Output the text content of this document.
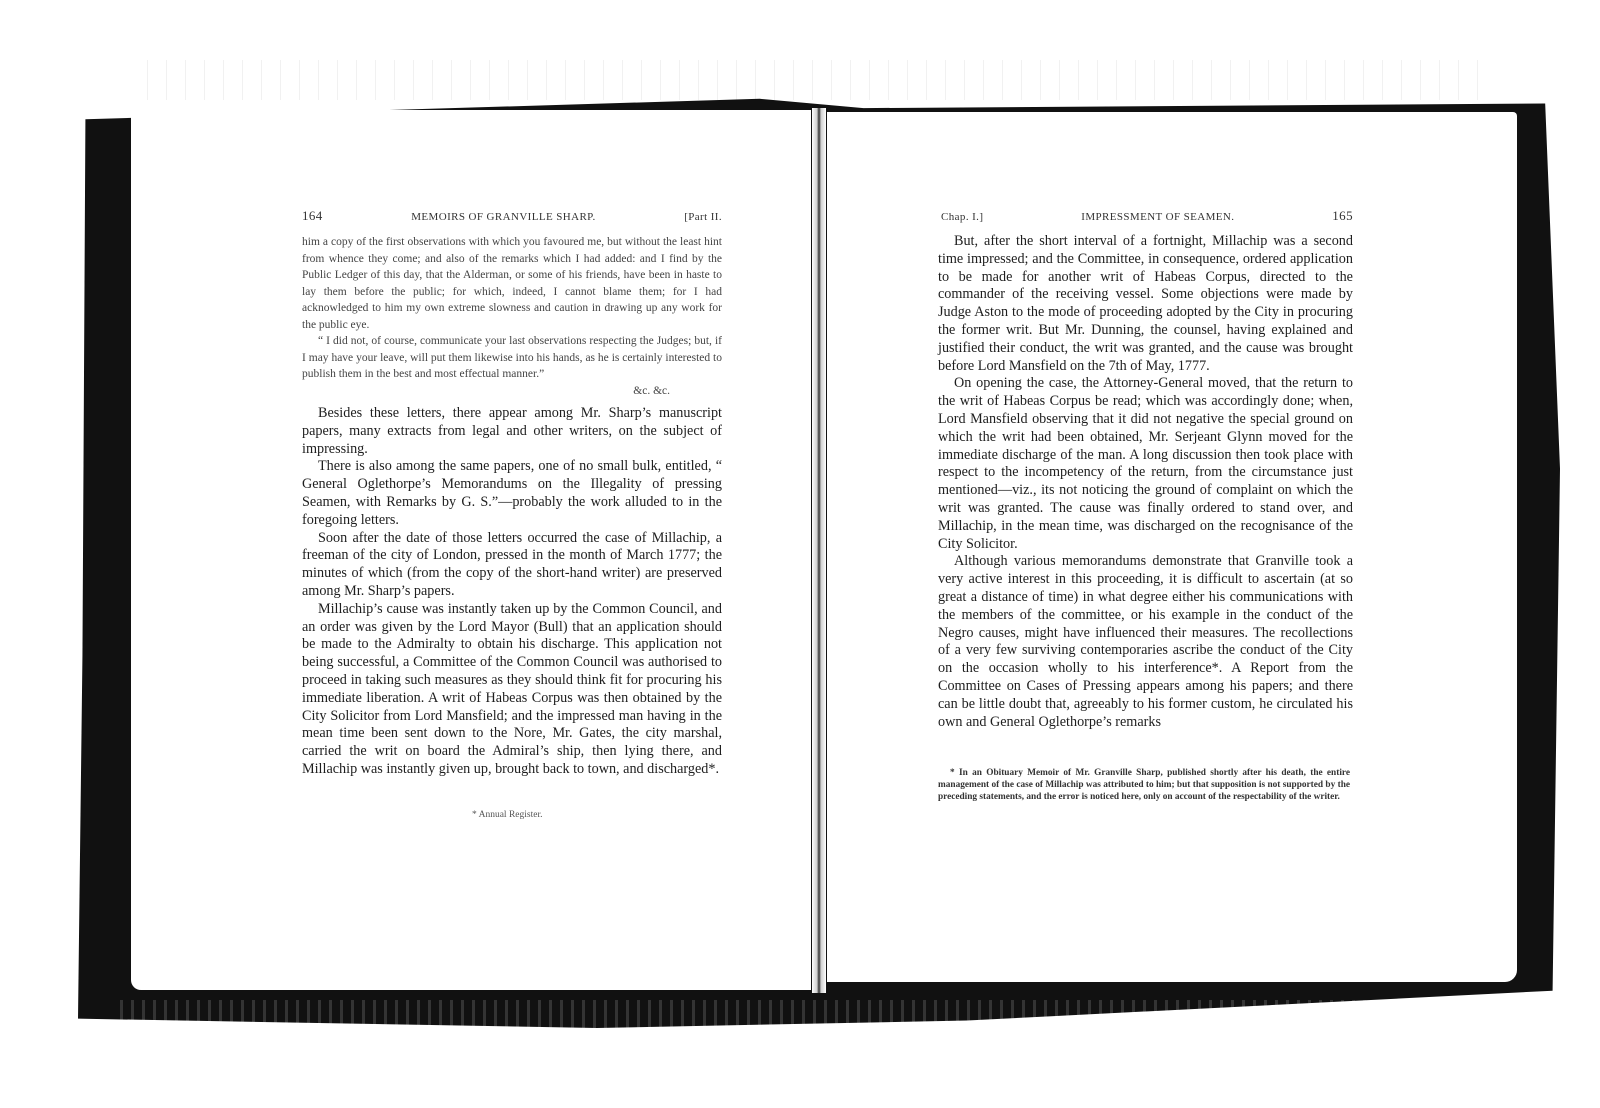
164	MEMOIRS OF GRANVILLE SHARP.	[Part II.

him a copy of the first observations with which you favoured me, but without the least hint from whence they come; and also of the remarks which I had added: and I find by the Public Ledger of this day, that the Alderman, or some of his friends, have been in haste to lay them before the public; for which, indeed, I cannot blame them; for I had acknowledged to him my own extreme slowness and caution in drawing up any work for the public eye.

“ I did not, of course, communicate your last observations respecting the Judges; but, if I may have your leave, will put them likewise into his hands, as he is certainly interested to publish them in the best and most effectual manner.”

&c. &c.

Besides these letters, there appear among Mr. Sharp’s manuscript papers, many extracts from legal and other writers, on the subject of impressing.

There is also among the same papers, one of no small bulk, entitled, “ General Oglethorpe’s Memorandums on the Illegality of pressing Seamen, with Remarks by G. S.”—probably the work alluded to in the foregoing letters.

Soon after the date of those letters occurred the case of Millachip, a freeman of the city of London, pressed in the month of March 1777; the minutes of which (from the copy of the short-hand writer) are preserved among Mr. Sharp’s papers.

Millachip’s cause was instantly taken up by the Common Council, and an order was given by the Lord Mayor (Bull) that an application should be made to the Admiralty to obtain his discharge. This application not being successful, a Committee of the Common Council was authorised to proceed in taking such measures as they should think fit for procuring his immediate liberation. A writ of Habeas Corpus was then obtained by the City Solicitor from Lord Mansfield; and the impressed man having in the mean time been sent down to the Nore, Mr. Gates, the city marshal, carried the writ on board the Admiral’s ship, then lying there, and Millachip was instantly given up, brought back to town, and discharged*.

* Annual Register.
Chap. I.]	IMPRESSMENT OF SEAMEN.	165

But, after the short interval of a fortnight, Millachip was a second time impressed; and the Committee, in consequence, ordered application to be made for another writ of Habeas Corpus, directed to the commander of the receiving vessel. Some objections were made by Judge Aston to the mode of proceeding adopted by the City in procuring the former writ. But Mr. Dunning, the counsel, having explained and justified their conduct, the writ was granted, and the cause was brought before Lord Mansfield on the 7th of May, 1777.

On opening the case, the Attorney-General moved, that the return to the writ of Habeas Corpus be read; which was accordingly done; when, Lord Mansfield observing that it did not negative the special ground on which the writ had been obtained, Mr. Serjeant Glynn moved for the immediate discharge of the man. A long discussion then took place with respect to the incompetency of the return, from the circumstance just mentioned—viz., its not noticing the ground of complaint on which the writ was granted. The cause was finally ordered to stand over, and Millachip, in the mean time, was discharged on the recognisance of the City Solicitor.

Although various memorandums demonstrate that Granville took a very active interest in this proceeding, it is difficult to ascertain (at so great a distance of time) in what degree either his communications with the members of the committee, or his example in the conduct of the Negro causes, might have influenced their measures. The recollections of a very few surviving contemporaries ascribe the conduct of the City on the occasion wholly to his interference*. A Report from the Committee on Cases of Pressing appears among his papers; and there can be little doubt that, agreeably to his former custom, he circulated his own and General Oglethorpe’s remarks

* In an Obituary Memoir of Mr. Granville Sharp, published shortly after his death, the entire management of the case of Millachip was attributed to him; but that supposition is not supported by the preceding statements, and the error is noticed here, only on account of the respectability of the writer.
